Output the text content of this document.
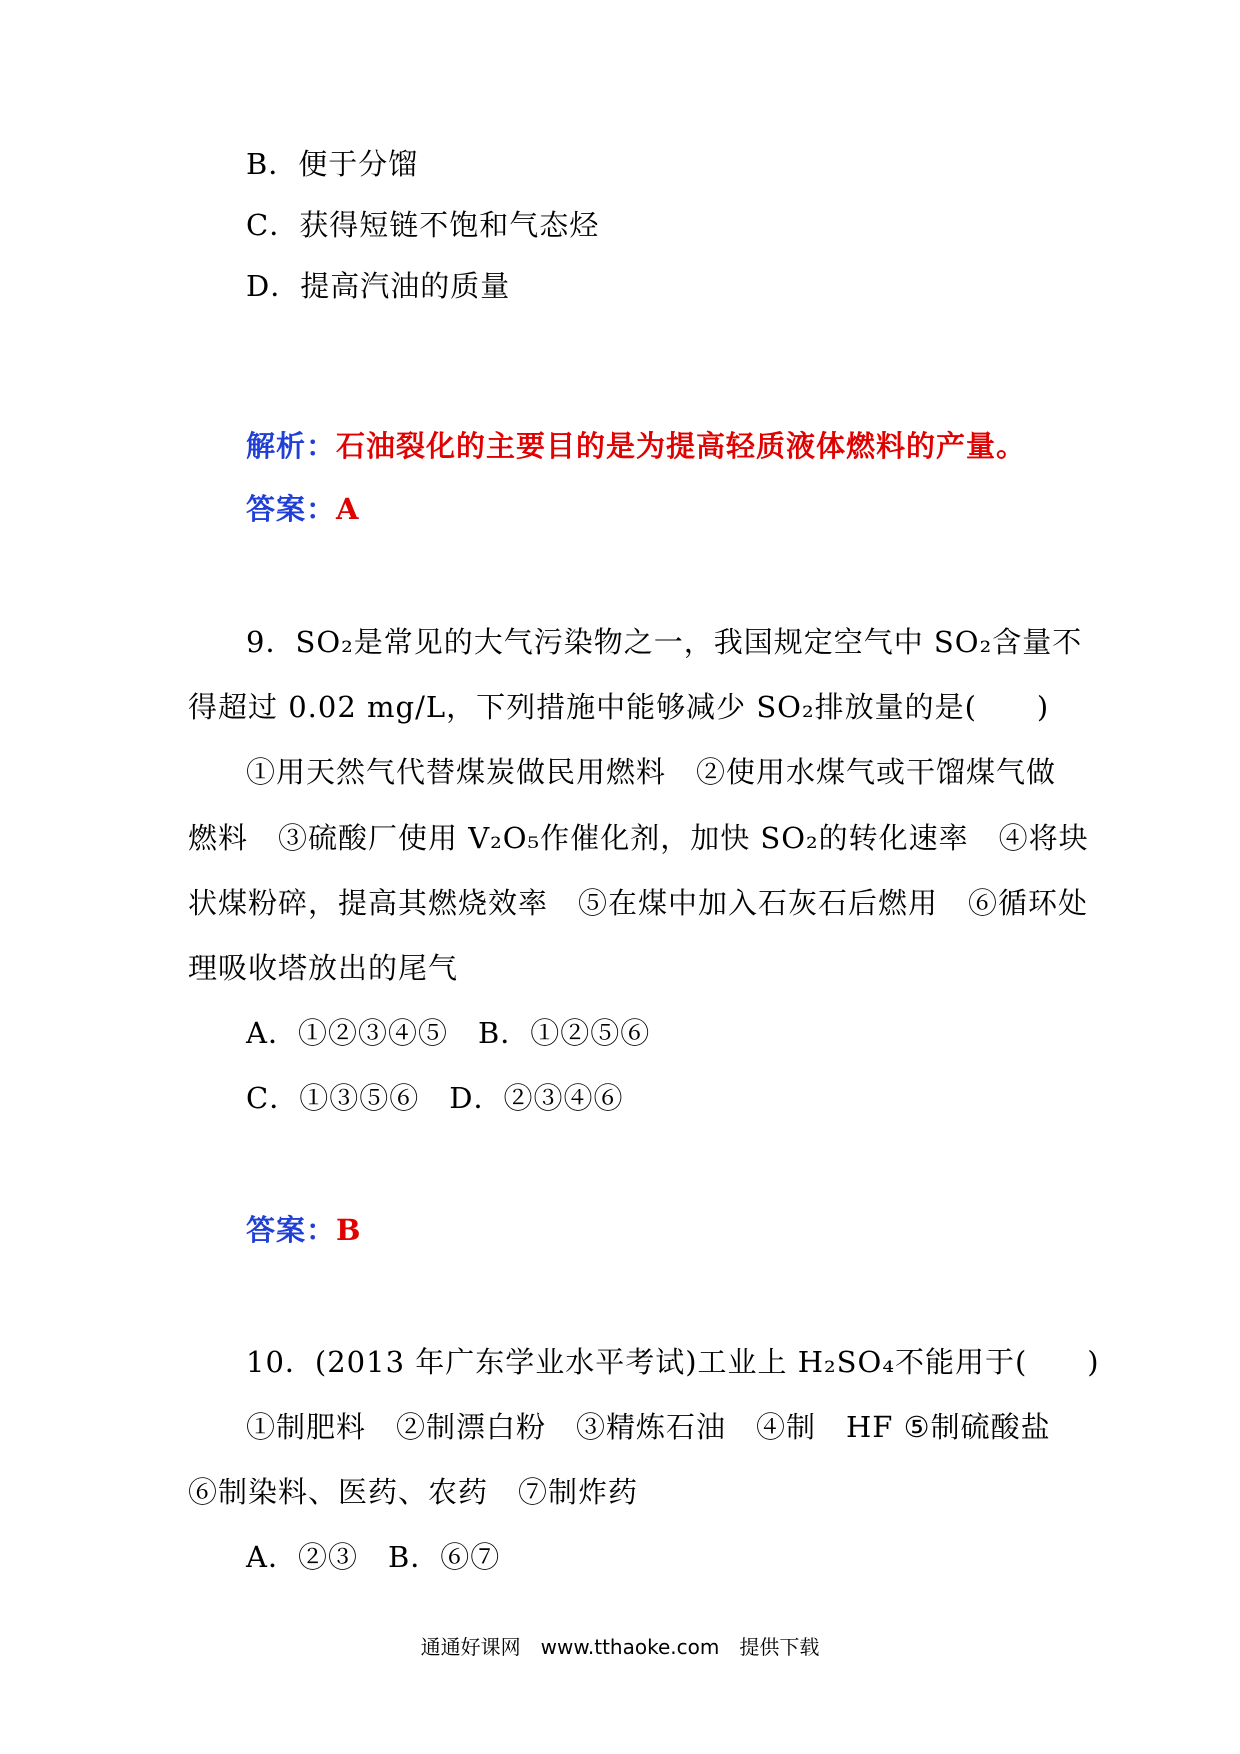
B．便于分馏
C．获得短链不饱和气态烃
D．提高汽油的质量
解析：石油裂化的主要目的是为提高轻质液体燃料的产量。
答案：A
9．SO₂是常见的大气污染物之一，我国规定空气中 SO₂含量不
得超过 0.02 mg/L，下列措施中能够减少 SO₂排放量的是(　　)
①用天然气代替煤炭做民用燃料　②使用水煤气或干馏煤气做
燃料　③硫酸厂使用 V₂O₅作催化剂，加快 SO₂的转化速率　④将块
状煤粉碎，提高其燃烧效率　⑤在煤中加入石灰石后燃用　⑥循环处
理吸收塔放出的尾气
A．①②③④⑤　B．①②⑤⑥
C．①③⑤⑥　D．②③④⑥
答案：B
10．(2013 年广东学业水平考试)工业上 H₂SO₄不能用于(　　)
①制肥料　②制漂白粉　③精炼石油　④制　HF ⑤制硫酸盐
⑥制染料、医药、农药　⑦制炸药
A．②③　B．⑥⑦
通通好课网　www.tthaoke.com　提供下载
